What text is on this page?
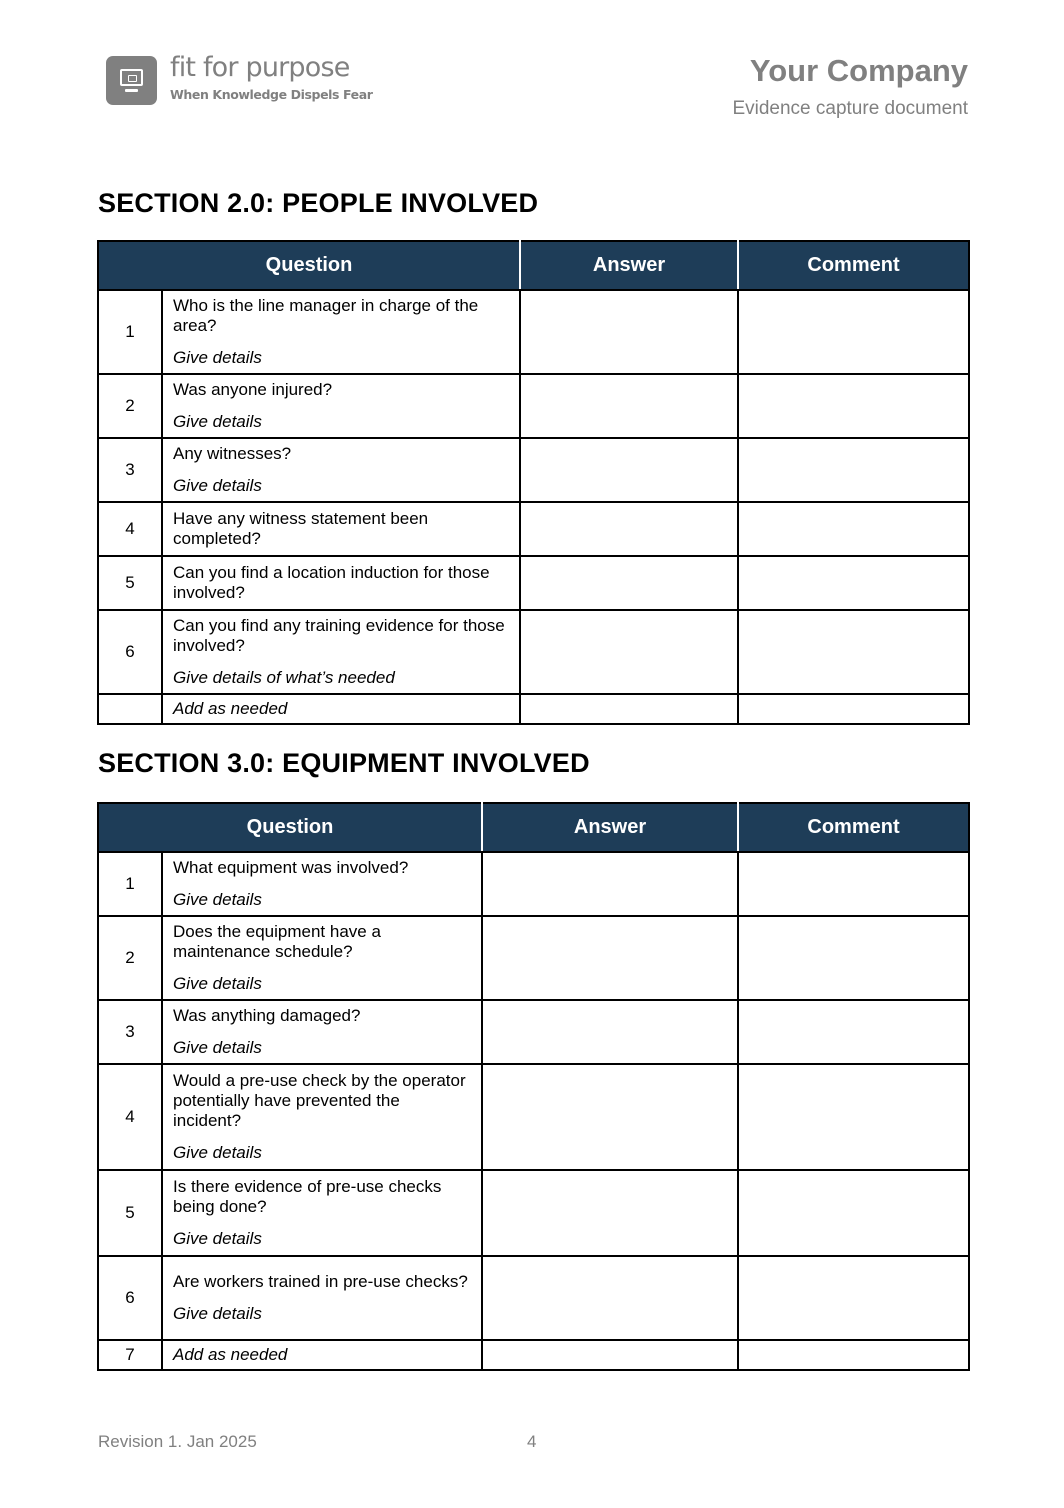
fit for purpose
When Knowledge Dispels Fear
Your Company
Evidence capture document
SECTION 2.0: PEOPLE INVOLVED
Question		Answer	Comment
1	Who is the line manager in charge of the area?
Give details		

2	Was anyone injured?
Give details		

3	Any witnesses?
Give details		

4	Have any witness statement been completed?		

5	Can you find a location induction for those involved?		

6	Can you find any training evidence for those involved?
Give details of what’s needed		

	Add as needed		

SECTION 3.0: EQUIPMENT INVOLVED
Question		Answer	Comment
1	What equipment was involved?
Give details		

2	Does the equipment have a maintenance schedule?
Give details		

3	Was anything damaged?
Give details		

4	Would a pre-use check by the operator potentially have prevented the incident?
Give details		

5	Is there evidence of pre-use checks being done?
Give details		

6	Are workers trained in pre-use checks?
Give details		

7	Add as needed		

Revision 1. Jan 2025	4
